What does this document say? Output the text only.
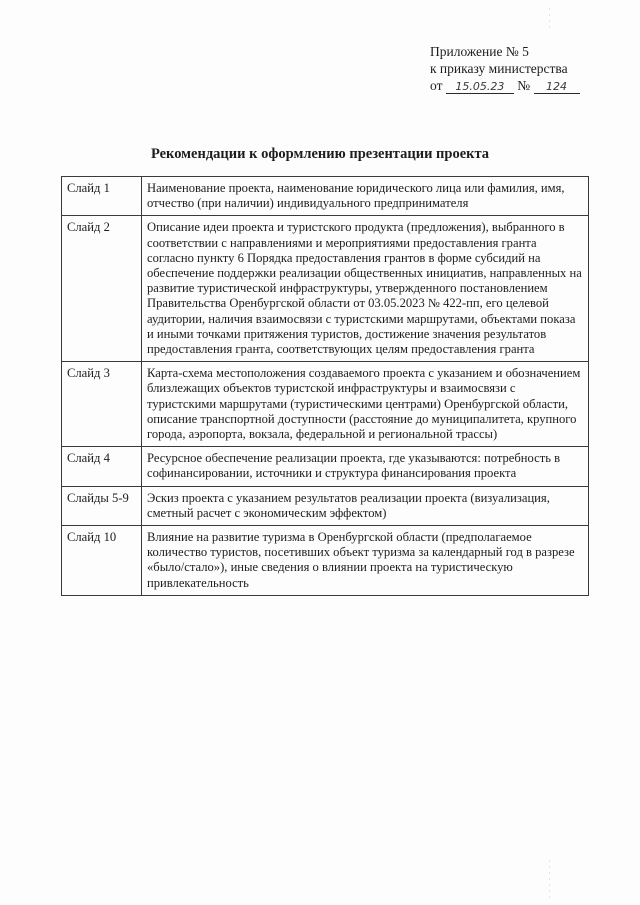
Приложение № 5
к приказу министерства
от 15.05.23 № 124
Рекомендации к оформлению презентации проекта
Слайд 1	Наименование проекта, наименование юридического лица или фамилия, имя, отчество (при наличии) индивидуального предпринимателя
Слайд 2	Описание идеи проекта и туристского продукта (предложения), выбранного в соответствии с направлениями и мероприятиями предоставления гранта согласно пункту 6 Порядка предоставления грантов в форме субсидий на обеспечение поддержки реализации общественных инициатив, направленных на развитие туристической инфраструктуры, утвержденного постановлением Правительства Оренбургской области от 03.05.2023 № 422-пп, его целевой аудитории, наличия взаимосвязи с туристскими маршрутами, объектами показа и иными точками притяжения туристов, достижение значения результатов предоставления гранта, соответствующих целям предоставления гранта
Слайд 3	Карта-схема местоположения создаваемого проекта с указанием и обозначением близлежащих объектов туристской инфраструктуры и взаимосвязи с туристскими маршрутами (туристическими центрами) Оренбургской области, описание транспортной доступности (расстояние до муниципалитета, крупного города, аэропорта, вокзала, федеральной и региональной трассы)
Слайд 4	Ресурсное обеспечение реализации проекта, где указываются: потребность в софинансировании, источники и структура финансирования проекта
Слайды 5-9	Эскиз проекта с указанием результатов реализации проекта (визуализация, сметный расчет с экономическим эффектом)
Слайд 10	Влияние на развитие туризма в Оренбургской области (предполагаемое количество туристов, посетивших объект туризма за календарный год в разрезе «было/стало»), иные сведения о влиянии проекта на туристическую привлекательность
